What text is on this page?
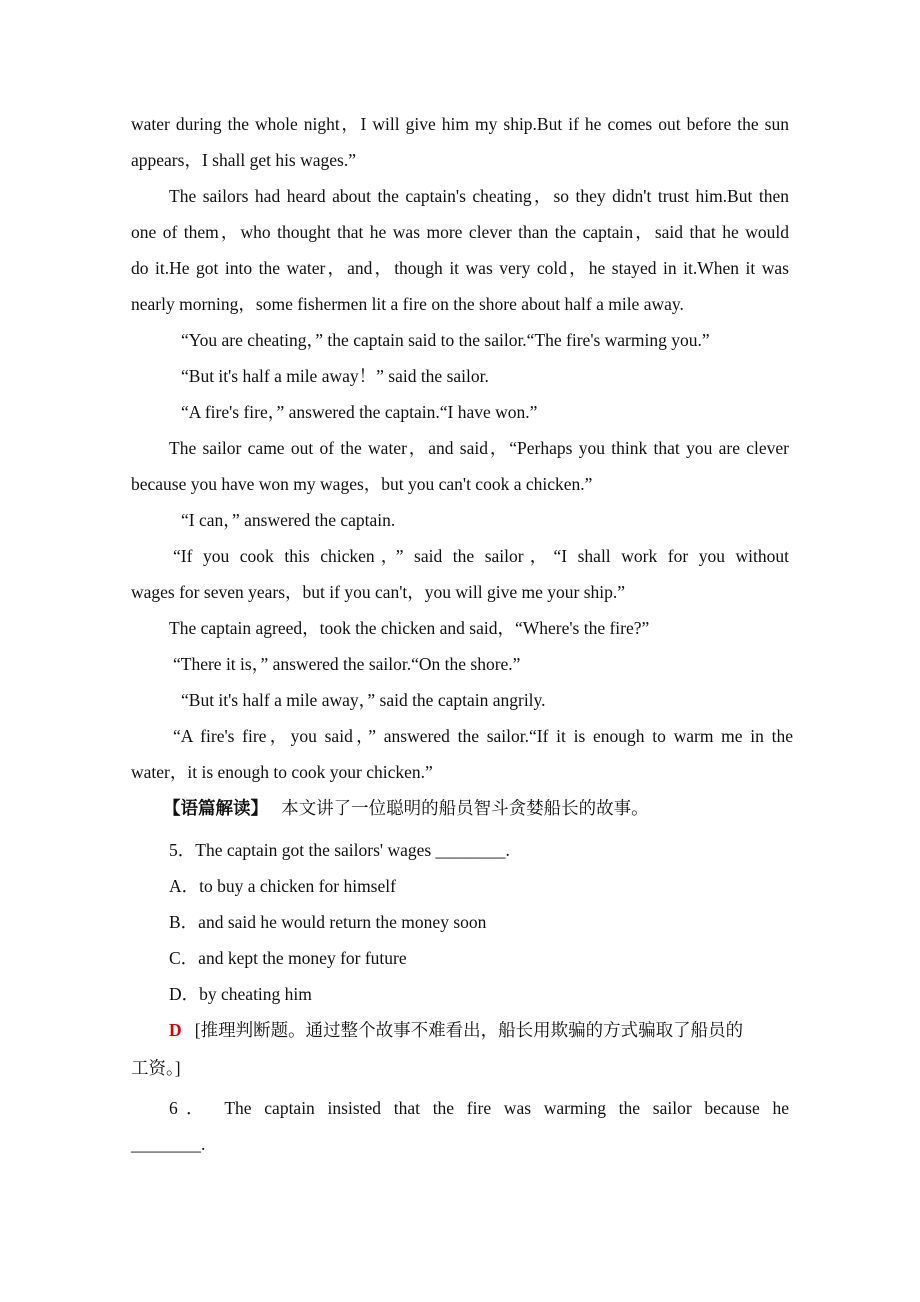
water during the whole night，I will give him my ship.But if he comes out before the sun
appears，I shall get his wages.”
The sailors had heard about the captain's cheating，so they didn't trust him.But then
one of them，who thought that he was more clever than the captain，said that he would
do it.He got into the water，and，though it was very cold，he stayed in it.When it was
nearly morning，some fishermen lit a fire on the shore about half a mile away.
“You are cheating，” the captain said to the sailor.“The fire's warming you.”
“But it's half a mile away！” said the sailor.
“A fire's fire，” answered the captain.“I have won.”
The sailor came out of the water，and said，“Perhaps you think that you are clever
because you have won my wages，but you can't cook a chicken.”
“I can，” answered the captain.
“If you cook this chicken，” said the sailor，“I shall work for you without
wages for seven years，but if you can't，you will give me your ship.”
The captain agreed，took the chicken and said，“Where's the fire?”
“There it is，” answered the sailor.“On the shore.”
“But it's half a mile away，” said the captain angrily.
“A fire's fire，you said，” answered the sailor.“If it is enough to warm me in the
water，it is enough to cook your chicken.”
【语篇解读】 本文讲了一位聪明的船员智斗贪婪船长的故事。
5．The captain got the sailors' wages ________.
A．to buy a chicken for himself
B．and said he would return the money soon
C．and kept the money for future
D．by cheating him
D [推理判断题。通过整个故事不难看出，船长用欺骗的方式骗取了船员的
工资。]
6． The captain insisted that the fire was warming the sailor because he
________.
